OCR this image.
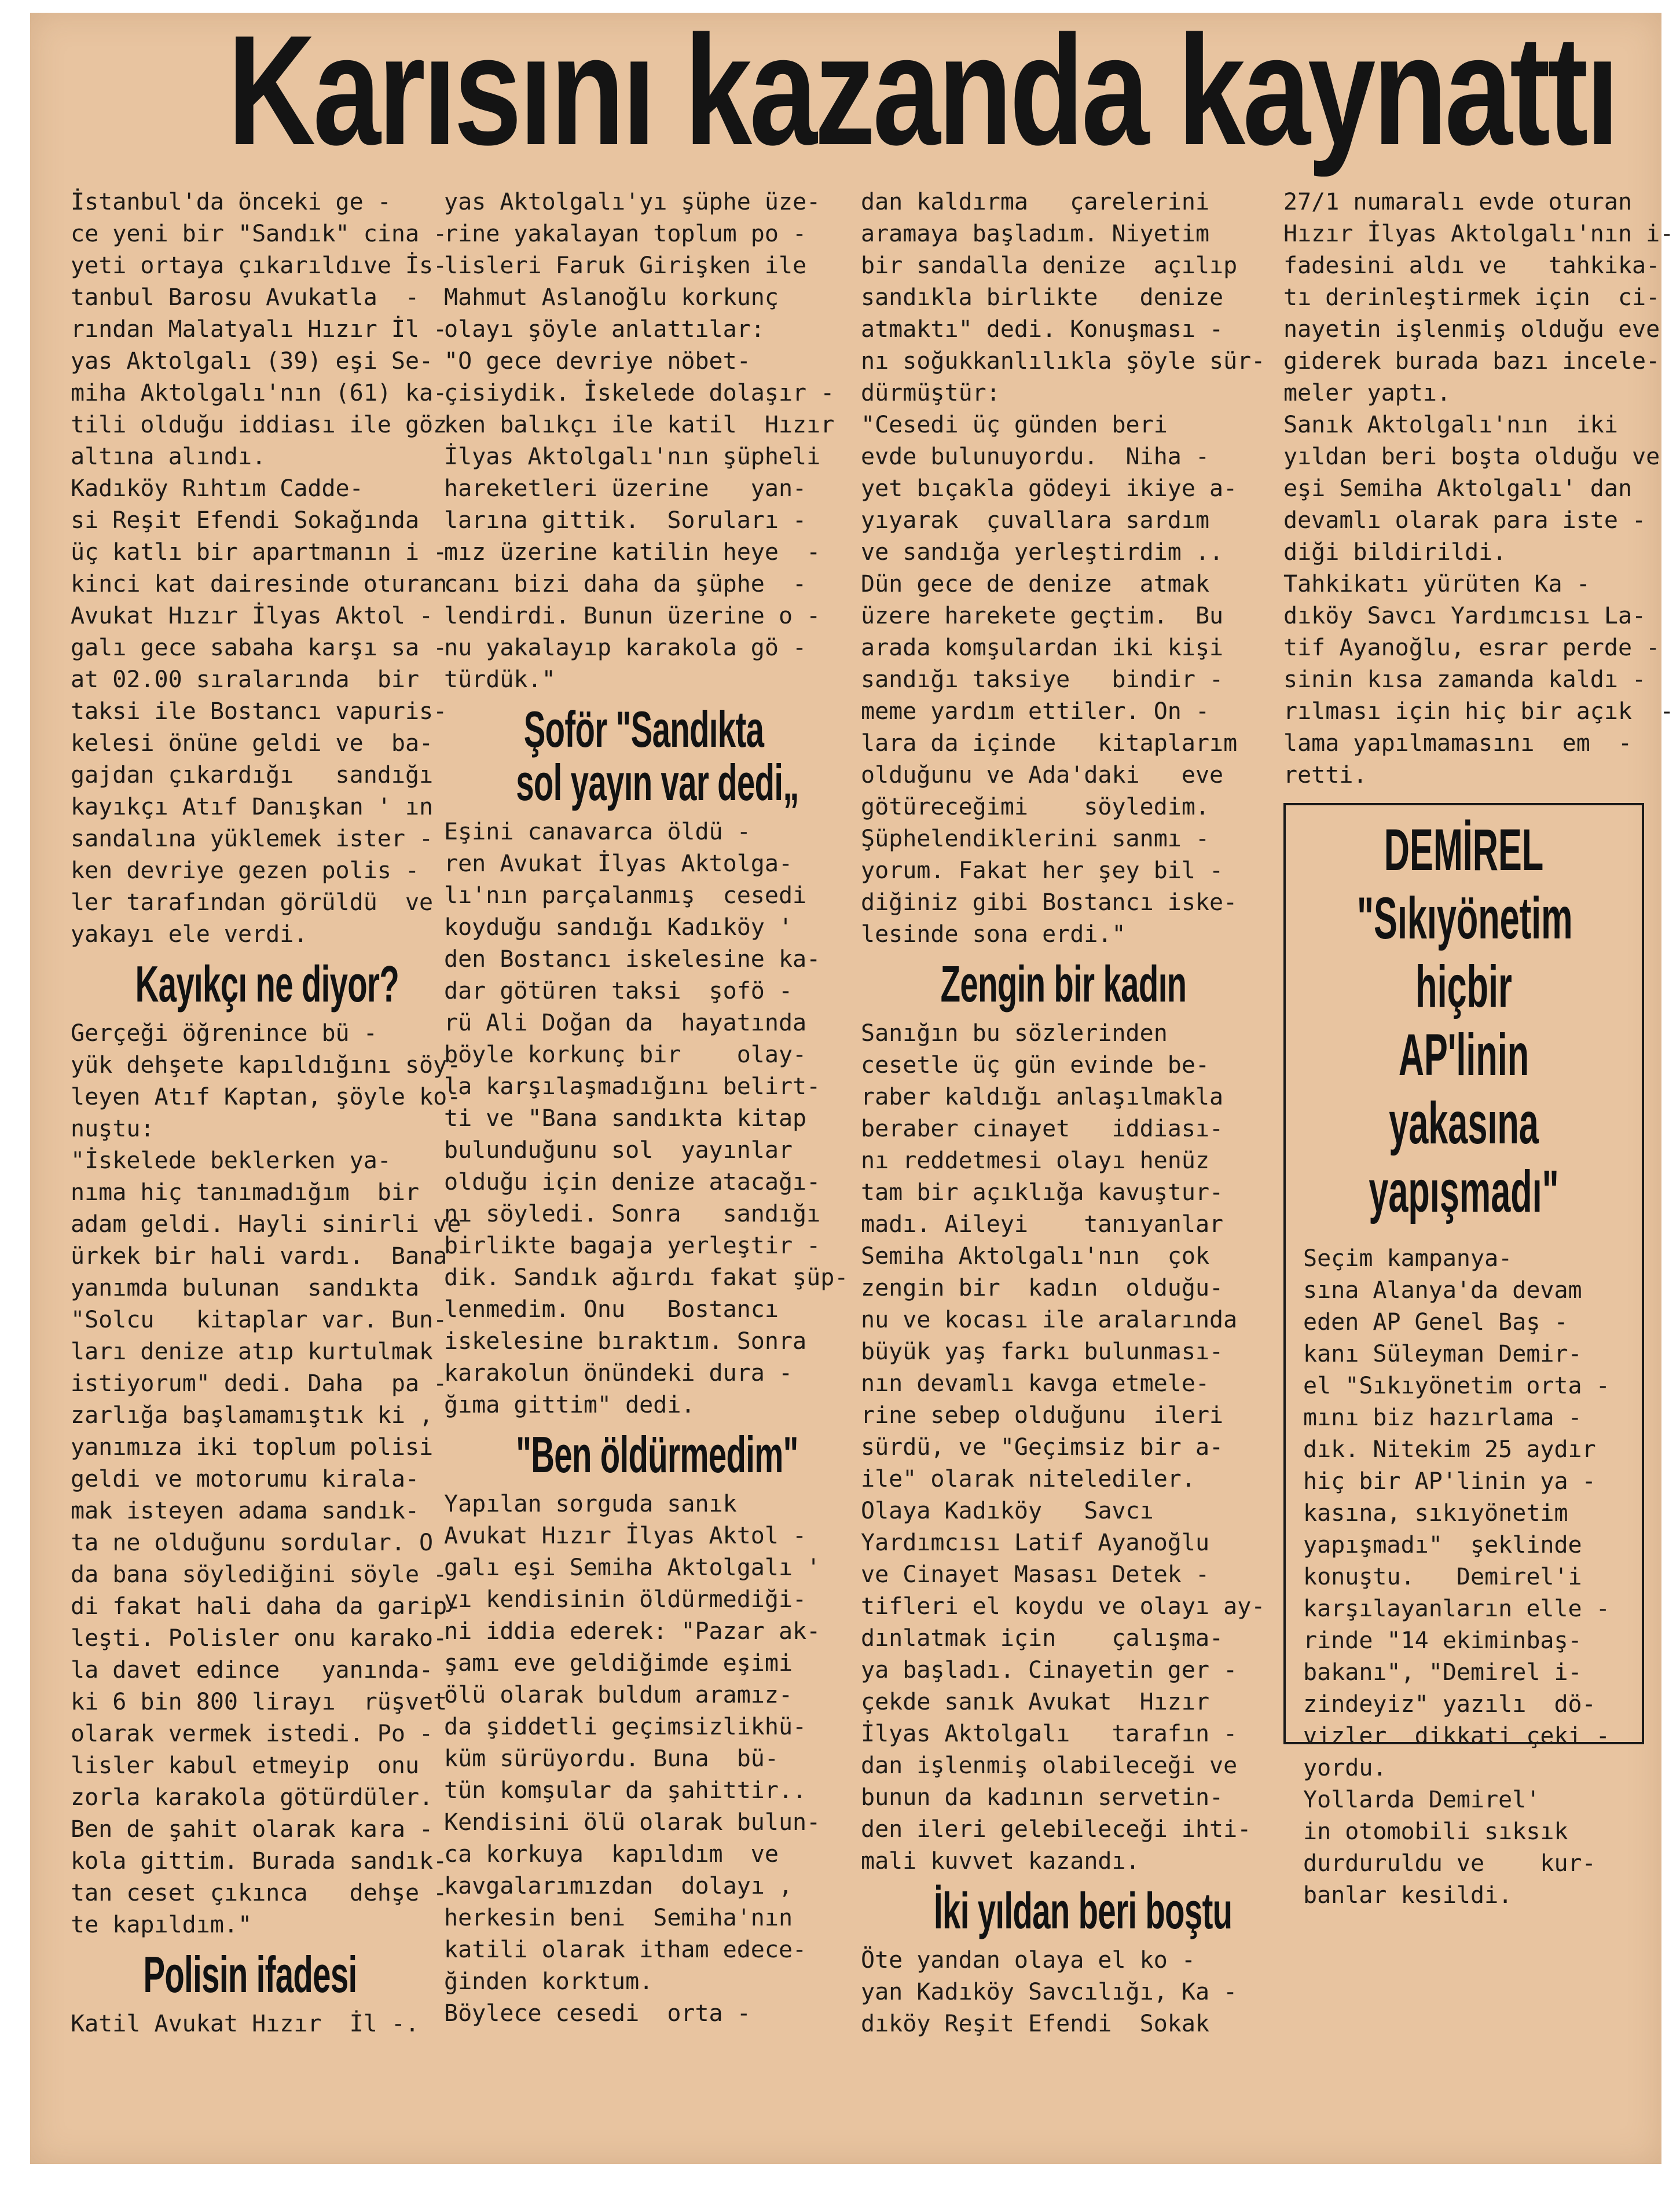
Karısını kazanda kaynattı

İstanbul'da önceki ge -

ce yeni bir "Sandık" cina -

yeti ortaya çıkarıldıve İs-

tanbul Barosu Avukatla  -

rından Malatyalı Hızır İl -

yas Aktolgalı (39) eşi Se-

miha Aktolgalı'nın (61) ka-

tili olduğu iddiası ile göz -

altına alındı.

Kadıköy Rıhtım Cadde-

si Reşit Efendi Sokağında

üç katlı bir apartmanın i -

kinci kat dairesinde oturan

Avukat Hızır İlyas Aktol -

galı gece sabaha karşı sa -

at 02.00 sıralarında  bir

taksi ile Bostancı vapuris-

kelesi önüne geldi ve  ba-

gajdan çıkardığı   sandığı

kayıkçı Atıf Danışkan ' ın

sandalına yüklemek ister -

ken devriye gezen polis -

ler tarafından görüldü  ve

yakayı ele verdi.

Kayıkçı ne diyor?

Gerçeği öğrenince bü -

yük dehşete kapıldığını söy-

leyen Atıf Kaptan, şöyle ko-

nuştu:

"İskelede beklerken ya-

nıma hiç tanımadığım  bir

adam geldi. Hayli sinirli ve

ürkek bir hali vardı.  Bana

yanımda bulunan  sandıkta

"Solcu   kitaplar var. Bun-

ları denize atıp kurtulmak

istiyorum" dedi. Daha  pa -

zarlığa başlamamıştık ki ,

yanımıza iki toplum polisi

geldi ve motorumu kirala-

mak isteyen adama sandık-

ta ne olduğunu sordular. O

da bana söylediğini söyle -

di fakat hali daha da garip-

leşti. Polisler onu karako-

la davet edince   yanında-

ki 6 bin 800 lirayı  rüşvet

olarak vermek istedi. Po -

lisler kabul etmeyip  onu

zorla karakola götürdüler.

Ben de şahit olarak kara -

kola gittim. Burada sandık-

tan ceset çıkınca   dehşe -

te kapıldım."

Polisin ifadesi

Katil Avukat Hızır  İl -.

yas Aktolgalı'yı şüphe üze-

rine yakalayan toplum po -

lisleri Faruk Girişken ile

Mahmut Aslanoğlu korkunç

olayı şöyle anlattılar:

"O gece devriye nöbet-

çisiydik. İskelede dolaşır -

ken balıkçı ile katil  Hızır

İlyas Aktolgalı'nın şüpheli

hareketleri üzerine   yan-

larına gittik.  Soruları -

mız üzerine katilin heye  -

canı bizi daha da şüphe  -

lendirdi. Bunun üzerine o -

nu yakalayıp karakola gö -

türdük."

Şoför "Sandıkta
sol yayın var dedi„

Eşini canavarca öldü -

ren Avukat İlyas Aktolga-

lı'nın parçalanmış  cesedi

koyduğu sandığı Kadıköy '

den Bostancı iskelesine ka-

dar götüren taksi  şofö -

rü Ali Doğan da  hayatında

böyle korkunç bir    olay-

la karşılaşmadığını belirt-

ti ve "Bana sandıkta kitap

bulunduğunu sol  yayınlar

olduğu için denize atacağı-

nı söyledi. Sonra   sandığı

birlikte bagaja yerleştir -

dik. Sandık ağırdı fakat şüp-

lenmedim. Onu   Bostancı

iskelesine bıraktım. Sonra

karakolun önündeki dura -

ğıma gittim" dedi.

"Ben öldürmedim"

Yapılan sorguda sanık

Avukat Hızır İlyas Aktol -

galı eşi Semiha Aktolgalı '

yı kendisinin öldürmediği-

ni iddia ederek: "Pazar ak-

şamı eve geldiğimde eşimi

ölü olarak buldum aramız-

da şiddetli geçimsizlikhü-

küm sürüyordu. Buna  bü-

tün komşular da şahittir..

Kendisini ölü olarak bulun-

ca korkuya  kapıldım  ve

kavgalarımızdan  dolayı ,

herkesin beni  Semiha'nın

katili olarak itham edece-

ğinden korktum.

Böylece cesedi  orta -

dan kaldırma   çarelerini

aramaya başladım. Niyetim

bir sandalla denize  açılıp

sandıkla birlikte   denize

atmaktı" dedi. Konuşması -

nı soğukkanlılıkla şöyle sür-

dürmüştür:

"Cesedi üç günden beri

evde bulunuyordu.  Niha -

yet bıçakla gödeyi ikiye a-

yıyarak  çuvallara sardım

ve sandığa yerleştirdim ..

Dün gece de denize  atmak

üzere harekete geçtim.  Bu

arada komşulardan iki kişi

sandığı taksiye   bindir -

meme yardım ettiler. On -

lara da içinde   kitaplarım

olduğunu ve Ada'daki   eve

götüreceğimi    söyledim.

Şüphelendiklerini sanmı -

yorum. Fakat her şey bil -

diğiniz gibi Bostancı iske-

lesinde sona erdi."

Zengin bir kadın

Sanığın bu sözlerinden

cesetle üç gün evinde be-

raber kaldığı anlaşılmakla

beraber cinayet   iddiası-

nı reddetmesi olayı henüz

tam bir açıklığa kavuştur-

madı. Aileyi    tanıyanlar

Semiha Aktolgalı'nın  çok

zengin bir  kadın  olduğu-

nu ve kocası ile aralarında

büyük yaş farkı bulunması-

nın devamlı kavga etmele-

rine sebep olduğunu  ileri

sürdü, ve "Geçimsiz bir a-

ile" olarak nitelediler.

Olaya Kadıköy   Savcı

Yardımcısı Latif Ayanoğlu

ve Cinayet Masası Detek -

tifleri el koydu ve olayı ay-

dınlatmak için    çalışma-

ya başladı. Cinayetin ger -

çekde sanık Avukat  Hızır

İlyas Aktolgalı   tarafın -

dan işlenmiş olabileceği ve

bunun da kadının servetin-

den ileri gelebileceği ihti-

mali kuvvet kazandı.

İki yıldan beri boştu

Öte yandan olaya el ko -

yan Kadıköy Savcılığı, Ka -

dıköy Reşit Efendi  Sokak

27/1 numaralı evde oturan

Hızır İlyas Aktolgalı'nın i-

fadesini aldı ve   tahkika-

tı derinleştirmek için  ci-

nayetin işlenmiş olduğu eve

giderek burada bazı incele-

meler yaptı.

Sanık Aktolgalı'nın  iki

yıldan beri boşta olduğu ve

eşi Semiha Aktolgalı' dan

devamlı olarak para iste -

diği bildirildi.

Tahkikatı yürüten Ka -

dıköy Savcı Yardımcısı La-

tif Ayanoğlu, esrar perde -

sinin kısa zamanda kaldı -

rılması için hiç bir açık  -

lama yapılmamasını  em  -

retti.

DEMİREL
"Sıkıyönetim
hiçbir
AP'linin
yakasına
yapışmadı"

Seçim kampanya-

sına Alanya'da devam

eden AP Genel Baş -

kanı Süleyman Demir-

el "Sıkıyönetim orta -

mını biz hazırlama -

dık. Nitekim 25 aydır

hiç bir AP'linin ya -

kasına, sıkıyönetim

yapışmadı"  şeklinde

konuştu.   Demirel'i

karşılayanların elle -

rinde "14 ekiminbaş-

bakanı", "Demirel i-

zindeyiz" yazılı  dö-

vizler  dikkati çeki -

yordu.

Yollarda Demirel'

in otomobili sıksık

durduruldu ve    kur-

banlar kesildi.
